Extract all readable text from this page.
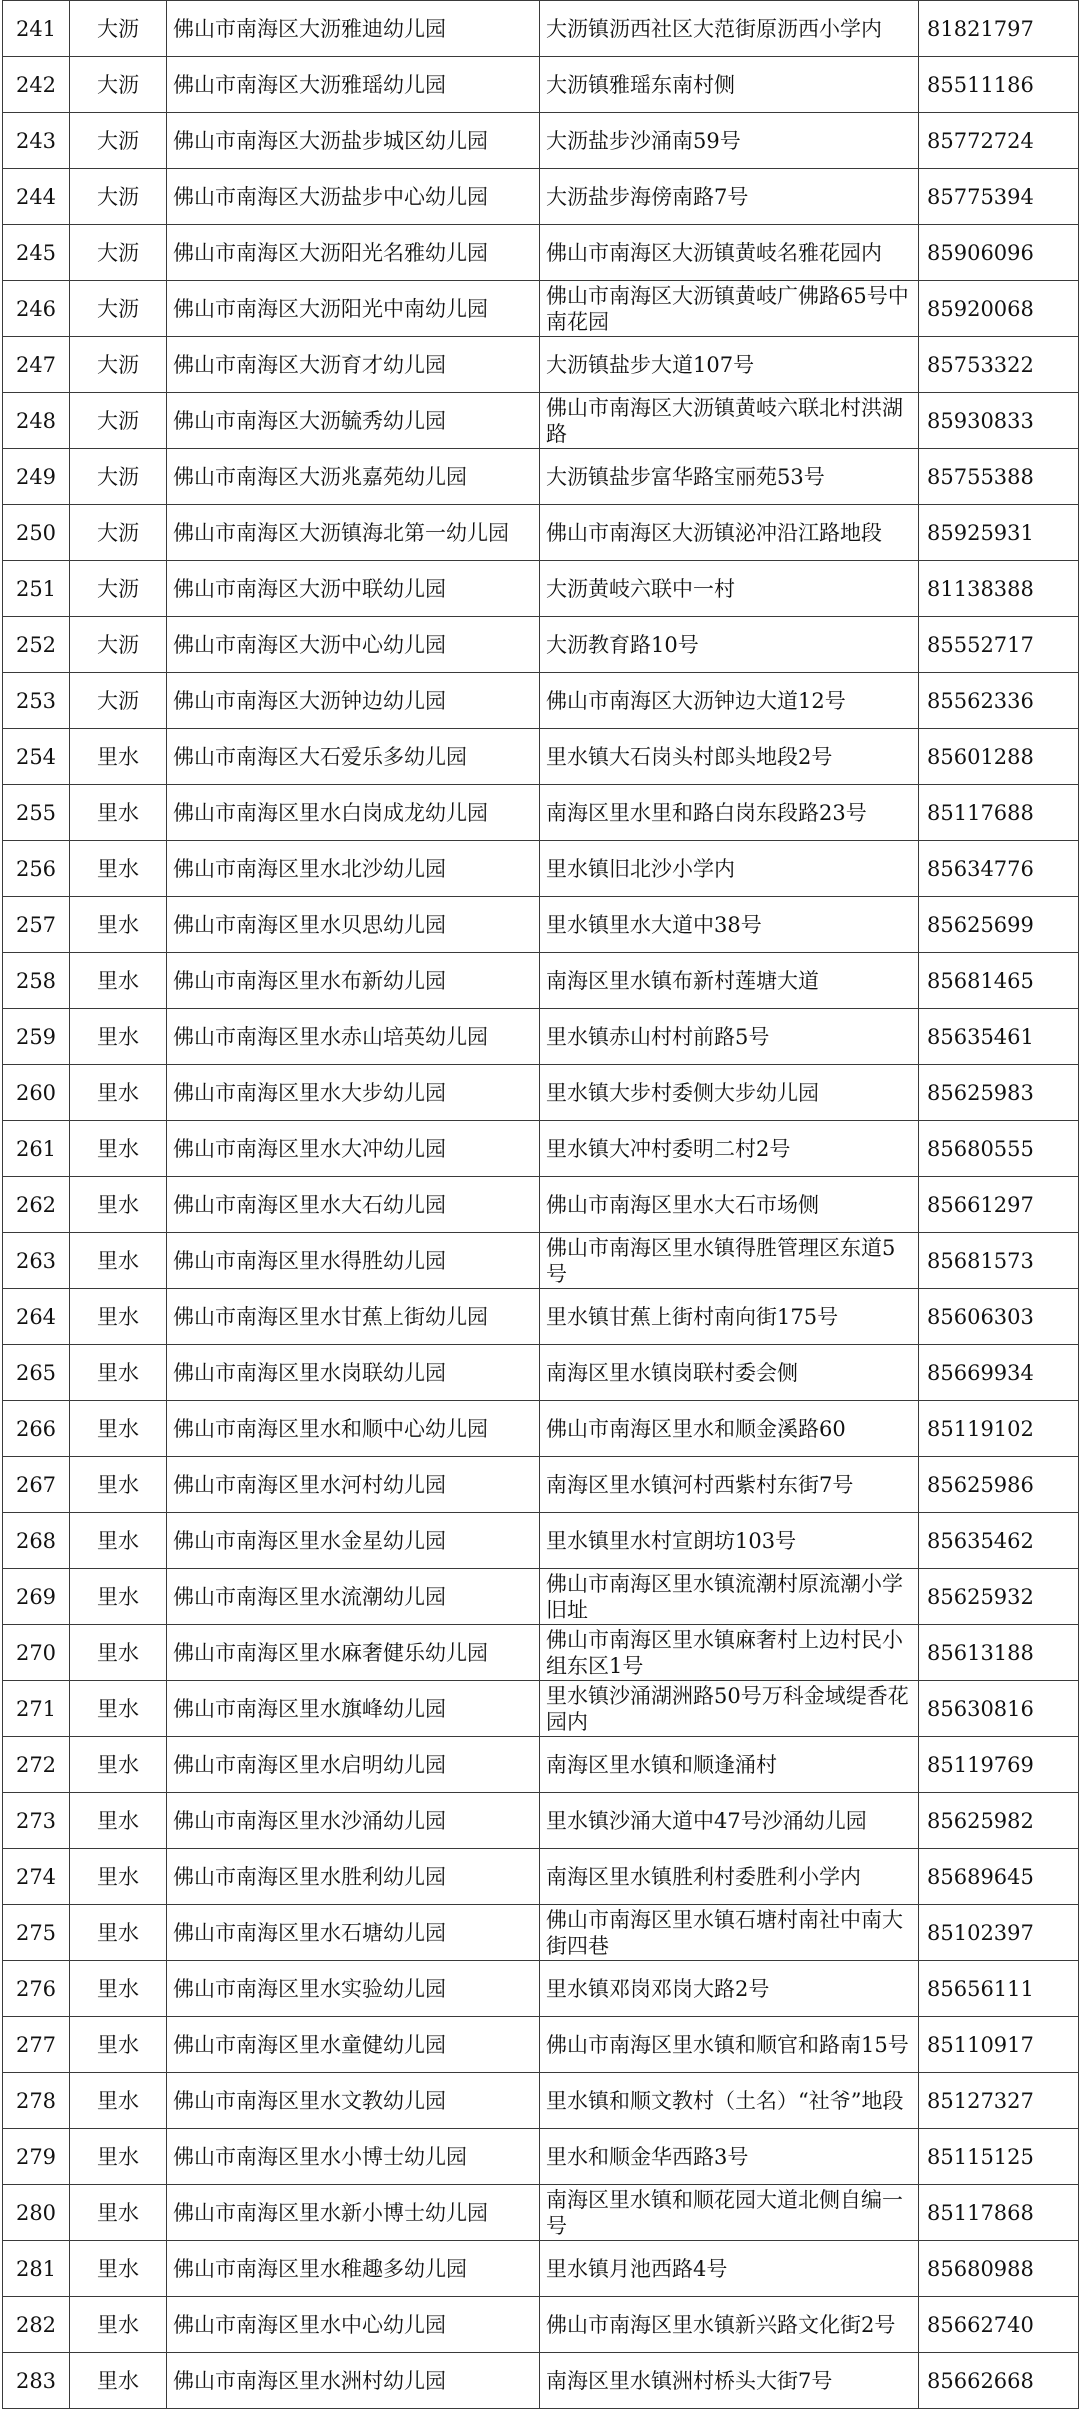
241	大沥	佛山市南海区大沥雅迪幼儿园	大沥镇沥西社区大范街原沥西小学内	81821797
242	大沥	佛山市南海区大沥雅瑶幼儿园	大沥镇雅瑶东南村侧	85511186
243	大沥	佛山市南海区大沥盐步城区幼儿园	大沥盐步沙涌南59号	85772724
244	大沥	佛山市南海区大沥盐步中心幼儿园	大沥盐步海傍南路7号	85775394
245	大沥	佛山市南海区大沥阳光名雅幼儿园	佛山市南海区大沥镇黄岐名雅花园内	85906096
246	大沥	佛山市南海区大沥阳光中南幼儿园	佛山市南海区大沥镇黄岐广佛路65号中南花园	85920068
247	大沥	佛山市南海区大沥育才幼儿园	大沥镇盐步大道107号	85753322
248	大沥	佛山市南海区大沥毓秀幼儿园	佛山市南海区大沥镇黄岐六联北村洪湖路	85930833
249	大沥	佛山市南海区大沥兆嘉苑幼儿园	大沥镇盐步富华路宝丽苑53号	85755388
250	大沥	佛山市南海区大沥镇海北第一幼儿园	佛山市南海区大沥镇泌冲沿江路地段	85925931
251	大沥	佛山市南海区大沥中联幼儿园	大沥黄岐六联中一村	81138388
252	大沥	佛山市南海区大沥中心幼儿园	大沥教育路10号	85552717
253	大沥	佛山市南海区大沥钟边幼儿园	佛山市南海区大沥钟边大道12号	85562336
254	里水	佛山市南海区大石爱乐多幼儿园	里水镇大石岗头村郎头地段2号	85601288
255	里水	佛山市南海区里水白岗成龙幼儿园	南海区里水里和路白岗东段路23号	85117688
256	里水	佛山市南海区里水北沙幼儿园	里水镇旧北沙小学内	85634776
257	里水	佛山市南海区里水贝思幼儿园	里水镇里水大道中38号	85625699
258	里水	佛山市南海区里水布新幼儿园	南海区里水镇布新村莲塘大道	85681465
259	里水	佛山市南海区里水赤山培英幼儿园	里水镇赤山村村前路5号	85635461
260	里水	佛山市南海区里水大步幼儿园	里水镇大步村委侧大步幼儿园	85625983
261	里水	佛山市南海区里水大冲幼儿园	里水镇大冲村委明二村2号	85680555
262	里水	佛山市南海区里水大石幼儿园	佛山市南海区里水大石市场侧	85661297
263	里水	佛山市南海区里水得胜幼儿园	佛山市南海区里水镇得胜管理区东道5号	85681573
264	里水	佛山市南海区里水甘蕉上街幼儿园	里水镇甘蕉上街村南向街175号	85606303
265	里水	佛山市南海区里水岗联幼儿园	南海区里水镇岗联村委会侧	85669934
266	里水	佛山市南海区里水和顺中心幼儿园	佛山市南海区里水和顺金溪路60	85119102
267	里水	佛山市南海区里水河村幼儿园	南海区里水镇河村西紫村东街7号	85625986
268	里水	佛山市南海区里水金星幼儿园	里水镇里水村宣朗坊103号	85635462
269	里水	佛山市南海区里水流潮幼儿园	佛山市南海区里水镇流潮村原流潮小学旧址	85625932
270	里水	佛山市南海区里水麻奢健乐幼儿园	佛山市南海区里水镇麻奢村上边村民小组东区1号	85613188
271	里水	佛山市南海区里水旗峰幼儿园	里水镇沙涌湖洲路50号万科金域缇香花园内	85630816
272	里水	佛山市南海区里水启明幼儿园	南海区里水镇和顺逢涌村	85119769
273	里水	佛山市南海区里水沙涌幼儿园	里水镇沙涌大道中47号沙涌幼儿园	85625982
274	里水	佛山市南海区里水胜利幼儿园	南海区里水镇胜利村委胜利小学内	85689645
275	里水	佛山市南海区里水石塘幼儿园	佛山市南海区里水镇石塘村南社中南大街四巷	85102397
276	里水	佛山市南海区里水实验幼儿园	里水镇邓岗邓岗大路2号	85656111
277	里水	佛山市南海区里水童健幼儿园	佛山市南海区里水镇和顺官和路南15号	85110917
278	里水	佛山市南海区里水文教幼儿园	里水镇和顺文教村（土名）“社爷”地段	85127327
279	里水	佛山市南海区里水小博士幼儿园	里水和顺金华西路3号	85115125
280	里水	佛山市南海区里水新小博士幼儿园	南海区里水镇和顺花园大道北侧自编一号	85117868
281	里水	佛山市南海区里水稚趣多幼儿园	里水镇月池西路4号	85680988
282	里水	佛山市南海区里水中心幼儿园	佛山市南海区里水镇新兴路文化街2号	85662740
283	里水	佛山市南海区里水洲村幼儿园	南海区里水镇洲村桥头大街7号	85662668
